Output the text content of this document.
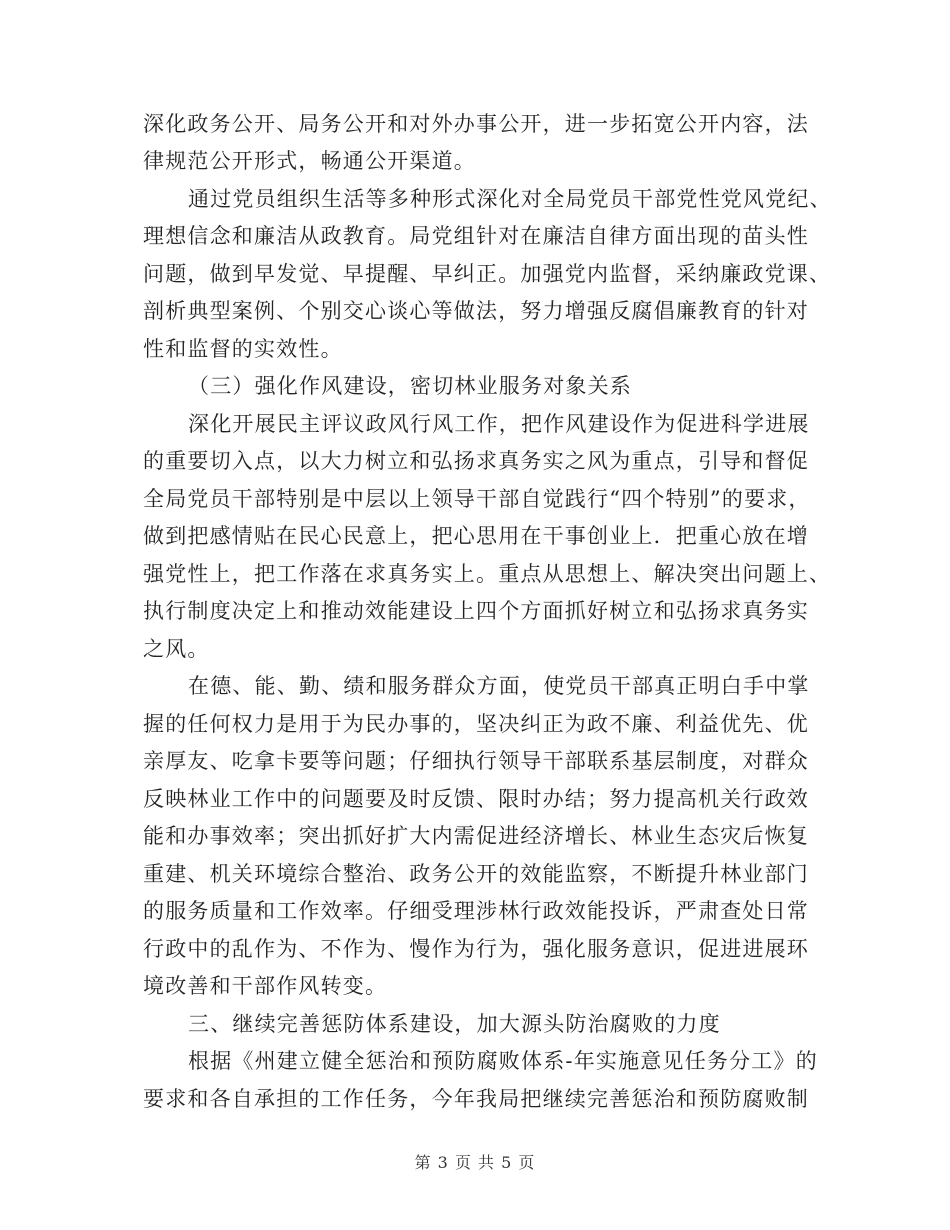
深化政务公开、局务公开和对外办事公开，进一步拓宽公开内容，法
律规范公开形式，畅通公开渠道。
通过党员组织生活等多种形式深化对全局党员干部党性党风党纪、
理想信念和廉洁从政教育。局党组针对在廉洁自律方面出现的苗头性
问题，做到早发觉、早提醒、早纠正。加强党内监督，采纳廉政党课、
剖析典型案例、个别交心谈心等做法，努力增强反腐倡廉教育的针对
性和监督的实效性。
（三）强化作风建设，密切林业服务对象关系
深化开展民主评议政风行风工作，把作风建设作为促进科学进展
的重要切入点，以大力树立和弘扬求真务实之风为重点，引导和督促
全局党员干部特别是中层以上领导干部自觉践行“四个特别”的要求，
做到把感情贴在民心民意上，把心思用在干事创业上．把重心放在增
强党性上，把工作落在求真务实上。重点从思想上、解决突出问题上、
执行制度决定上和推动效能建设上四个方面抓好树立和弘扬求真务实
之风。
在德、能、勤、绩和服务群众方面，使党员干部真正明白手中掌
握的任何权力是用于为民办事的，坚决纠正为政不廉、利益优先、优
亲厚友、吃拿卡要等问题；仔细执行领导干部联系基层制度，对群众
反映林业工作中的问题要及时反馈、限时办结；努力提高机关行政效
能和办事效率；突出抓好扩大内需促进经济增长、林业生态灾后恢复
重建、机关环境综合整治、政务公开的效能监察，不断提升林业部门
的服务质量和工作效率。仔细受理涉林行政效能投诉，严肃查处日常
行政中的乱作为、不作为、慢作为行为，强化服务意识，促进进展环
境改善和干部作风转变。
三、继续完善惩防体系建设，加大源头防治腐败的力度
根据《州建立健全惩治和预防腐败体系-年实施意见任务分工》的
要求和各自承担的工作任务，今年我局把继续完善惩治和预防腐败制
第 3 页 共 5 页
